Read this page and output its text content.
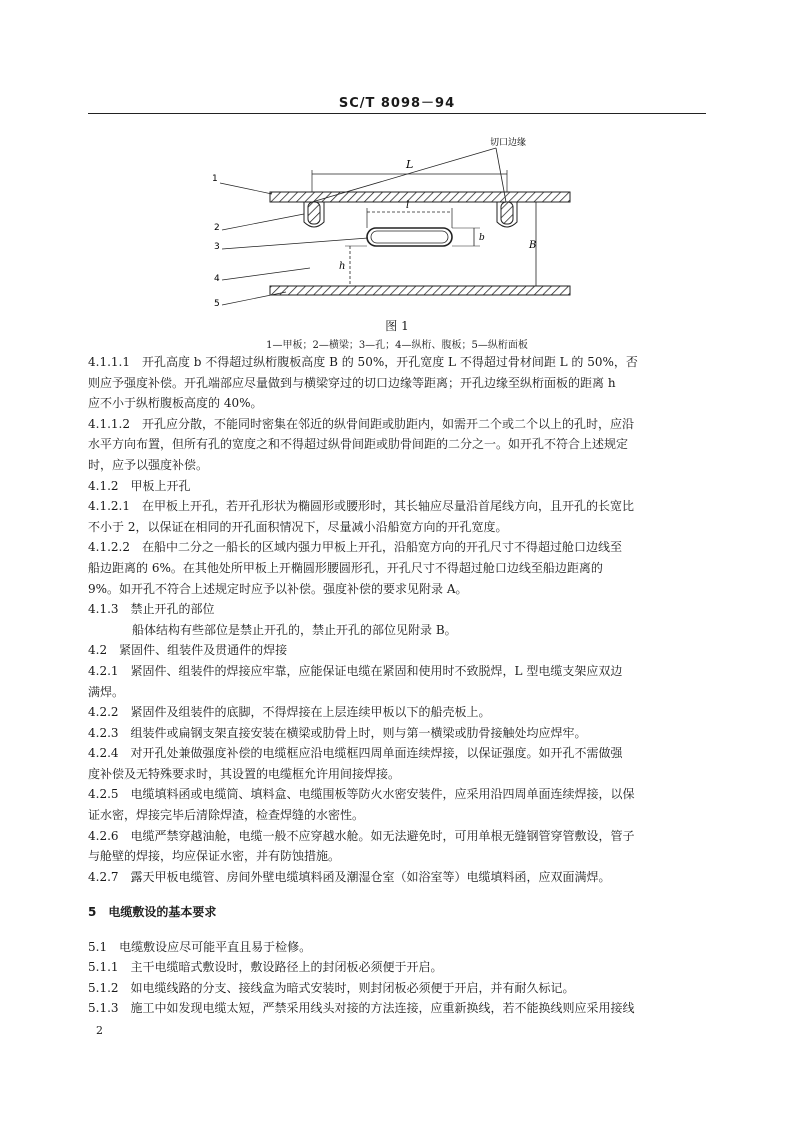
SC/T 8098－94
切口边缘
L
l
b
h
B
1
2
3
4
5
图 1
1—甲板；2—横梁；3—孔；4—纵桁、腹板；5—纵桁面板
4.1.1.1　开孔高度 b 不得超过纵桁腹板高度 B 的 50%，开孔宽度 L 不得超过骨材间距 L 的 50%，否
则应予强度补偿。开孔端部应尽量做到与横梁穿过的切口边缘等距离；开孔边缘至纵桁面板的距离 h
应不小于纵桁腹板高度的 40%。
4.1.1.2　开孔应分散，不能同时密集在邻近的纵骨间距或肋距内，如需开二个或二个以上的孔时，应沿
水平方向布置，但所有孔的宽度之和不得超过纵骨间距或肋骨间距的二分之一。如开孔不符合上述规定
时，应予以强度补偿。
4.1.2　甲板上开孔
4.1.2.1　在甲板上开孔，若开孔形状为椭圆形或腰形时，其长轴应尽量沿首尾线方向，且开孔的长宽比
不小于 2，以保证在相同的开孔面积情况下，尽量减小沿船宽方向的开孔宽度。
4.1.2.2　在船中二分之一船长的区域内强力甲板上开孔，沿船宽方向的开孔尺寸不得超过舱口边线至
船边距离的 6%。在其他处所甲板上开椭圆形腰圆形孔，开孔尺寸不得超过舱口边线至船边距离的
9%。如开孔不符合上述规定时应予以补偿。强度补偿的要求见附录 A。
4.1.3　禁止开孔的部位
船体结构有些部位是禁止开孔的，禁止开孔的部位见附录 B。
4.2　紧固件、组装件及贯通件的焊接
4.2.1　紧固件、组装件的焊接应牢靠，应能保证电缆在紧固和使用时不致脱焊，L 型电缆支架应双边
满焊。
4.2.2　紧固件及组装件的底脚，不得焊接在上层连续甲板以下的船壳板上。
4.2.3　组装件或扁钢支架直接安装在横梁或肋骨上时，则与第一横梁或肋骨接触处均应焊牢。
4.2.4　对开孔处兼做强度补偿的电缆框应沿电缆框四周单面连续焊接，以保证强度。如开孔不需做强
度补偿及无特殊要求时，其设置的电缆框允许用间接焊接。
4.2.5　电缆填料函或电缆筒、填料盒、电缆围板等防火水密安装件，应采用沿四周单面连续焊接，以保
证水密，焊接完毕后清除焊渣，检查焊缝的水密性。
4.2.6　电缆严禁穿越油舱，电缆一般不应穿越水舱。如无法避免时，可用单根无缝钢管穿管敷设，管子
与舱壁的焊接，均应保证水密，并有防蚀措施。
4.2.7　露天甲板电缆管、房间外壁电缆填料函及潮湿仓室（如浴室等）电缆填料函，应双面满焊。
5　电缆敷设的基本要求
5.1　电缆敷设应尽可能平直且易于检修。
5.1.1　主干电缆暗式敷设时，敷设路径上的封闭板必须便于开启。
5.1.2　如电缆线路的分支、接线盒为暗式安装时，则封闭板必须便于开启，并有耐久标记。
5.1.3　施工中如发现电缆太短，严禁采用线头对接的方法连接，应重新换线，若不能换线则应采用接线
2
